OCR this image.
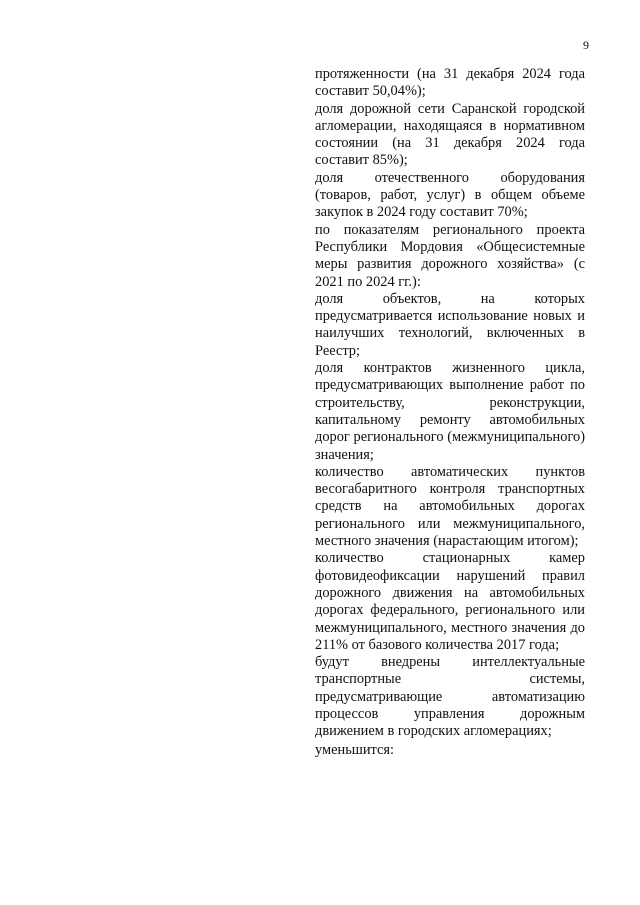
9

протяженности (на 31 декабря 2024 года составит 50,04%);

доля дорожной сети Саранской городской агломерации, находящаяся в нормативном состоянии (на 31 декабря 2024 года составит 85%);

доля отечественного оборудования (товаров, работ, услуг) в общем объеме закупок в 2024 году составит 70%;

по показателям регионального проекта Республики Мордовия «Общесистемные меры развития дорожного хозяйства» (с 2021 по 2024 гг.):

доля объектов, на которых предусматривается использование новых и наилучших технологий, включенных в Реестр;

доля контрактов жизненного цикла, предусматривающих выполнение работ по строительству, реконструкции, капитальному ремонту автомобильных дорог регионального (межмуниципального) значения;

количество автоматических пунктов весогабаритного контроля транспортных средств на автомобильных дорогах регионального или межмуниципального, местного значения (нарастающим итогом);

количество стационарных камер фотовидеофиксации нарушений правил дорожного движения на автомобильных дорогах федерального, регионального или межмуниципального, местного значения до 211% от базового количества 2017 года;

будут внедрены интеллектуальные транспортные системы, предусматривающие автоматизацию процессов управления дорожным движением в городских агломерациях;

уменьшится:
